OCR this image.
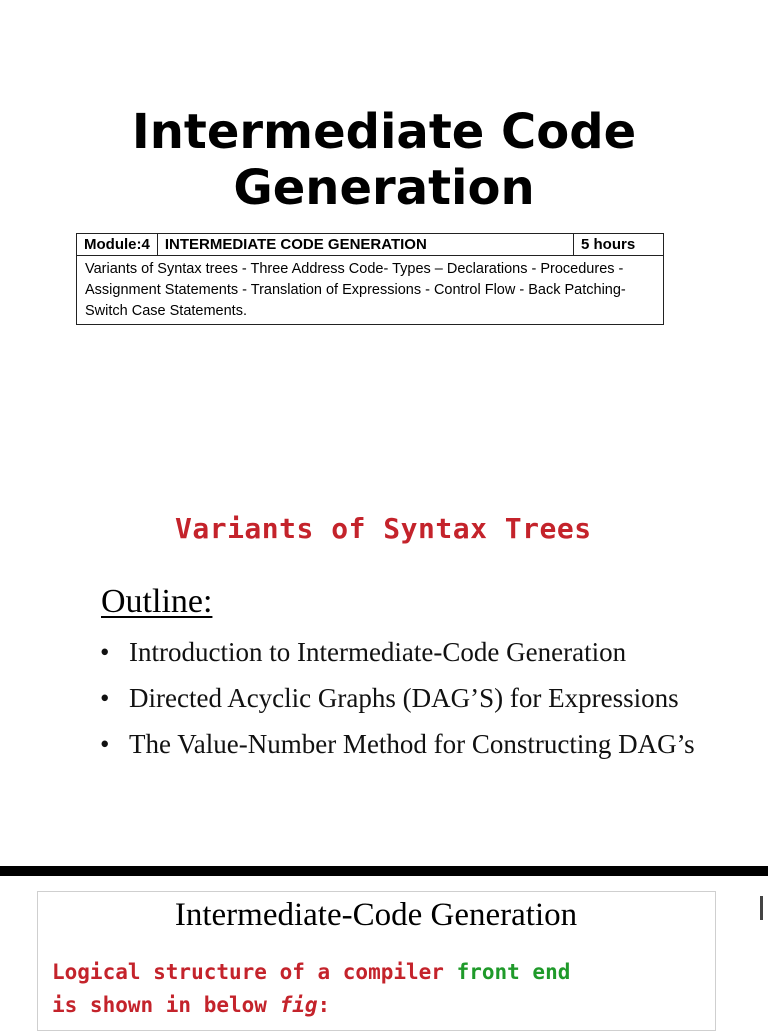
Intermediate Code
Generation
Module:4	INTERMEDIATE CODE GENERATION	5 hours
Variants of Syntax trees - Three Address Code- Types – Declarations - Procedures - Assignment Statements - Translation of Expressions - Control Flow - Back Patching- Switch Case Statements.
Variants of Syntax Trees
Outline:
• Introduction to Intermediate-Code Generation
• Directed Acyclic Graphs (DAG’S) for Expressions
• The Value-Number Method for Constructing DAG’s
Intermediate-Code Generation

Logical structure of a compiler front end

is shown in below fig:
